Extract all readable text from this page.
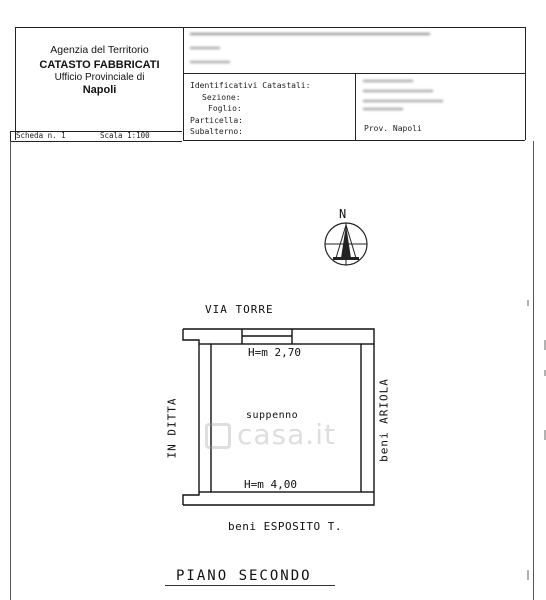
Agenzia del Territorio
CATASTO FABBRICATI
Ufficio Provinciale di
Napoli	Identificativi Catastali:
Sezione:
Foglio:
Particella:
Subalterno:	Prov. Napoli
Scheda n. 1	Scala 1:100
N
VIA TORRE
H=m 2,70
suppenno
H=m 4,00
IN DITTA	beni ARIOLA
beni ESPOSITO T.
PIANO SECONDO
casa.it
